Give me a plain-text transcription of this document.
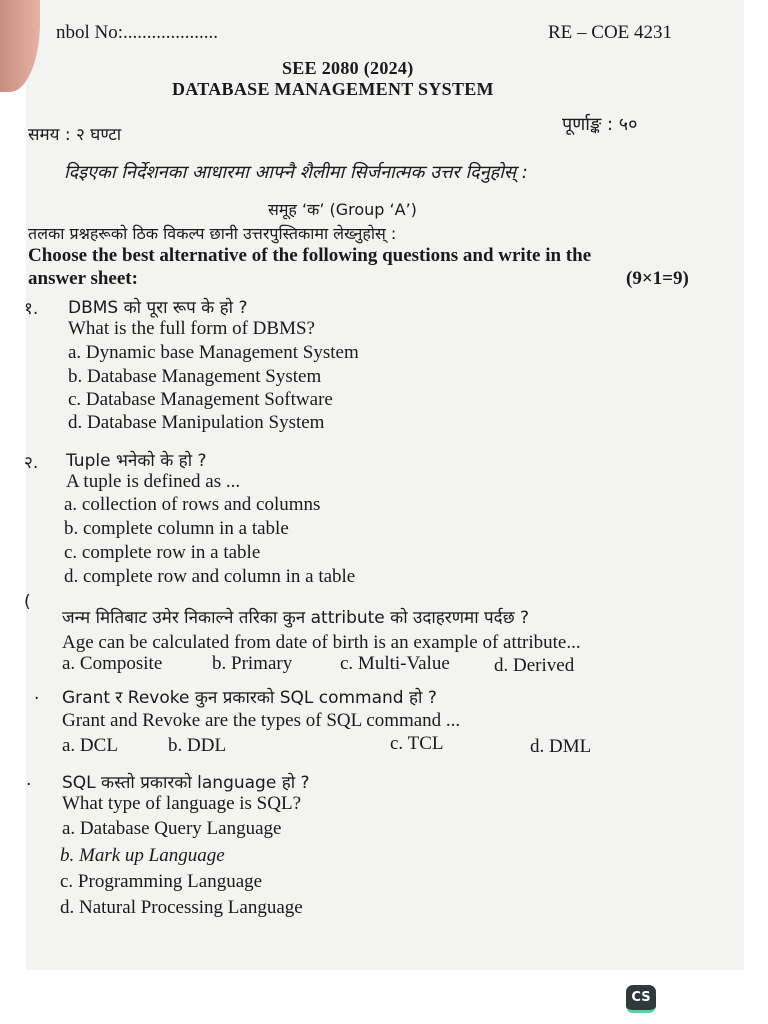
nbol No:....................	RE – COE 4231
SEE 2080 (2024)
DATABASE MANAGEMENT SYSTEM
समय : २ घण्टा	पूर्णाङ्क : ५०
दिइएका निर्देशनका आधारमा आफ्नै शैलीमा सिर्जनात्मक उत्तर दिनुहोस् :
समूह ‘क’ (Group ‘A’)
तलका प्रश्नहरूको ठिक विकल्प छानी उत्तरपुस्तिकामा लेख्नुहोस् :
Choose the best alternative of the following questions and write in the
answer sheet:	(9×1=9)
१. DBMS को पूरा रूप के हो ?
What is the full form of DBMS?
a. Dynamic base Management System
b. Database Management System
c. Database Management Software
d. Database Manipulation System
२. Tuple भनेको के हो ?
A tuple is defined as ...
a. collection of rows and columns
b. complete column in a table
c. complete row in a table
d. complete row and column in a table
(
जन्म मितिबाट उमेर निकाल्ने तरिका कुन attribute को उदाहरणमा पर्दछ ?
Age can be calculated from date of birth is an example of attribute...
a. Composite	b. Primary	c. Multi-Value d. Derived
. Grant र Revoke कुन प्रकारको SQL command हो ?
Grant and Revoke are the types of SQL command ...
a. DCL	b. DDL	c. TCL	d. DML
. SQL कस्तो प्रकारको language हो ?
What type of language is SQL?
a. Database Query Language
b. Mark up Language
c. Programming Language
d. Natural Processing Language
CS
